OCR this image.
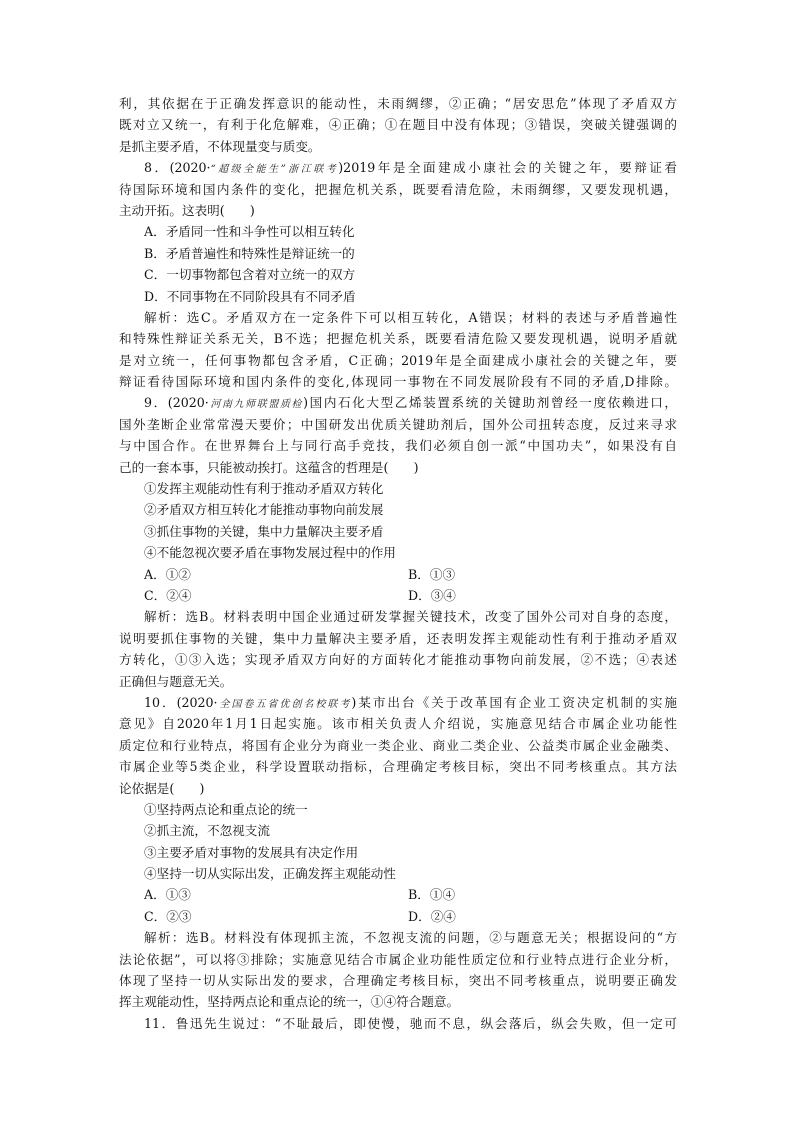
利，其依据在于正确发挥意识的能动性，未雨绸缪，②正确；“居安思危”体现了矛盾双方
既对立又统一，有利于化危解难，④正确；①在题目中没有体现；③错误，突破关键强调的
是抓主要矛盾，不体现量变与质变。
8．(2020·“超级全能生”浙江联考)2019年是全面建成小康社会的关键之年，要辩证看
待国际环境和国内条件的变化，把握危机关系，既要看清危险，未雨绸缪，又要发现机遇，
主动开拓。这表明(　　)
A．矛盾同一性和斗争性可以相互转化
B．矛盾普遍性和特殊性是辩证统一的
C．一切事物都包含着对立统一的双方
D．不同事物在不同阶段具有不同矛盾
解析：选C。矛盾双方在一定条件下可以相互转化，A错误；材料的表述与矛盾普遍性
和特殊性辩证关系无关，B不选；把握危机关系，既要看清危险又要发现机遇，说明矛盾就
是对立统一，任何事物都包含矛盾，C正确；2019年是全面建成小康社会的关键之年，要
辩证看待国际环境和国内条件的变化,体现同一事物在不同发展阶段有不同的矛盾,D排除。
9．(2020·河南九师联盟质检)国内石化大型乙烯装置系统的关键助剂曾经一度依赖进口，
国外垄断企业常常漫天要价；中国研发出优质关键助剂后，国外公司扭转态度，反过来寻求
与中国合作。在世界舞台上与同行高手竞技，我们必须自创一派“中国功夫”，如果没有自
己的一套本事，只能被动挨打。这蕴含的哲理是(　　)
①发挥主观能动性有利于推动矛盾双方转化
②矛盾双方相互转化才能推动事物向前发展
③抓住事物的关键，集中力量解决主要矛盾
④不能忽视次要矛盾在事物发展过程中的作用
A．①②	B．①③
C．②④	D．③④
解析：选B。材料表明中国企业通过研发掌握关键技术，改变了国外公司对自身的态度，
说明要抓住事物的关键，集中力量解决主要矛盾，还表明发挥主观能动性有利于推动矛盾双
方转化，①③入选；实现矛盾双方向好的方面转化才能推动事物向前发展，②不选；④表述
正确但与题意无关。
10．(2020·全国卷五省优创名校联考)某市出台《关于改革国有企业工资决定机制的实施
意见》自2020年1月1日起实施。该市相关负责人介绍说，实施意见结合市属企业功能性
质定位和行业特点，将国有企业分为商业一类企业、商业二类企业、公益类市属企业金融类、
市属企业等5类企业，科学设置联动指标，合理确定考核目标，突出不同考核重点。其方法
论依据是(　　)
①坚持两点论和重点论的统一
②抓主流，不忽视支流
③主要矛盾对事物的发展具有决定作用
④坚持一切从实际出发，正确发挥主观能动性
A．①③	B．①④
C．②③	D．②④
解析：选B。材料没有体现抓主流，不忽视支流的问题，②与题意无关；根据设问的“方
法论依据”，可以将③排除；实施意见结合市属企业功能性质定位和行业特点进行企业分析，
体现了坚持一切从实际出发的要求，合理确定考核目标，突出不同考核重点，说明要正确发
挥主观能动性，坚持两点论和重点论的统一，①④符合题意。
11．鲁迅先生说过：“不耻最后，即使慢，驰而不息，纵会落后，纵会失败，但一定可
